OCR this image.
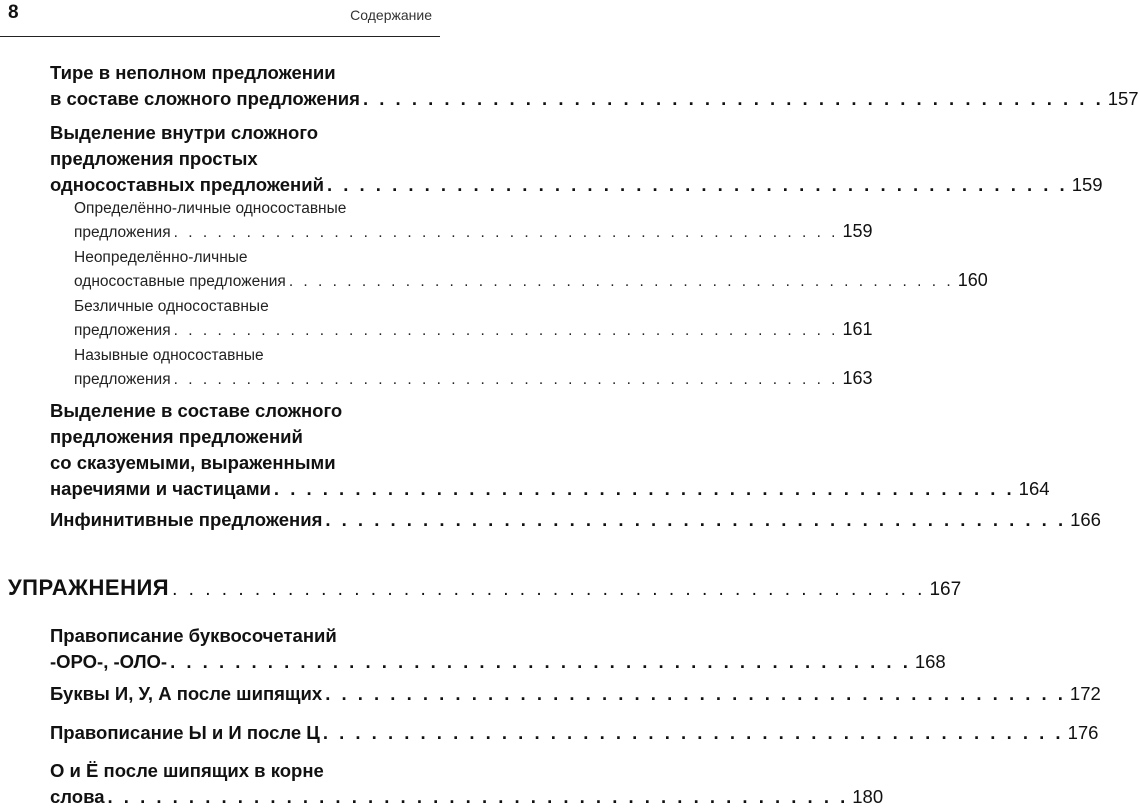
8	Содержание
Тире в неполном предложении
в составе сложного предложения . . . . . . . . . . . . . . . . . . . . . . . . . . . . . . . . . . . . . . . . . . . . . . 157
Выделение внутри сложного
предложения простых
односоставных предложений . . . . . . . . . . . . . . . . . . . . . . . . . . . . . . . . . . . . . . . . . . . . . . 159
Определённо-личные односоставные
предложения . . . . . . . . . . . . . . . . . . . . . . . . . . . . . . . . . . . . . . . . . . . . . . 159
Неопределённо-личные
односоставные предложения . . . . . . . . . . . . . . . . . . . . . . . . . . . . . . . . . . . . . . . . . . . . . . 160
Безличные односоставные
предложения . . . . . . . . . . . . . . . . . . . . . . . . . . . . . . . . . . . . . . . . . . . . . . 161
Назывные односоставные
предложения . . . . . . . . . . . . . . . . . . . . . . . . . . . . . . . . . . . . . . . . . . . . . . 163
Выделение в составе сложного
предложения предложений
со сказуемыми, выраженными
наречиями и частицами . . . . . . . . . . . . . . . . . . . . . . . . . . . . . . . . . . . . . . . . . . . . . . 164
Инфинитивные предложения . . . . . . . . . . . . . . . . . . . . . . . . . . . . . . . . . . . . . . . . . . . . . . 166
УПРАЖНЕНИЯ . . . . . . . . . . . . . . . . . . . . . . . . . . . . . . . . . . . . . . . . . . . . . . 167
Правописание буквосочетаний
-ОРО-, -ОЛО- . . . . . . . . . . . . . . . . . . . . . . . . . . . . . . . . . . . . . . . . . . . . . . 168
Буквы И, У, А после шипящих . . . . . . . . . . . . . . . . . . . . . . . . . . . . . . . . . . . . . . . . . . . . . . 172
Правописание Ы и И после Ц . . . . . . . . . . . . . . . . . . . . . . . . . . . . . . . . . . . . . . . . . . . . . . 176
О и Ё после шипящих в корне
слова . . . . . . . . . . . . . . . . . . . . . . . . . . . . . . . . . . . . . . . . . . . . . . 180
